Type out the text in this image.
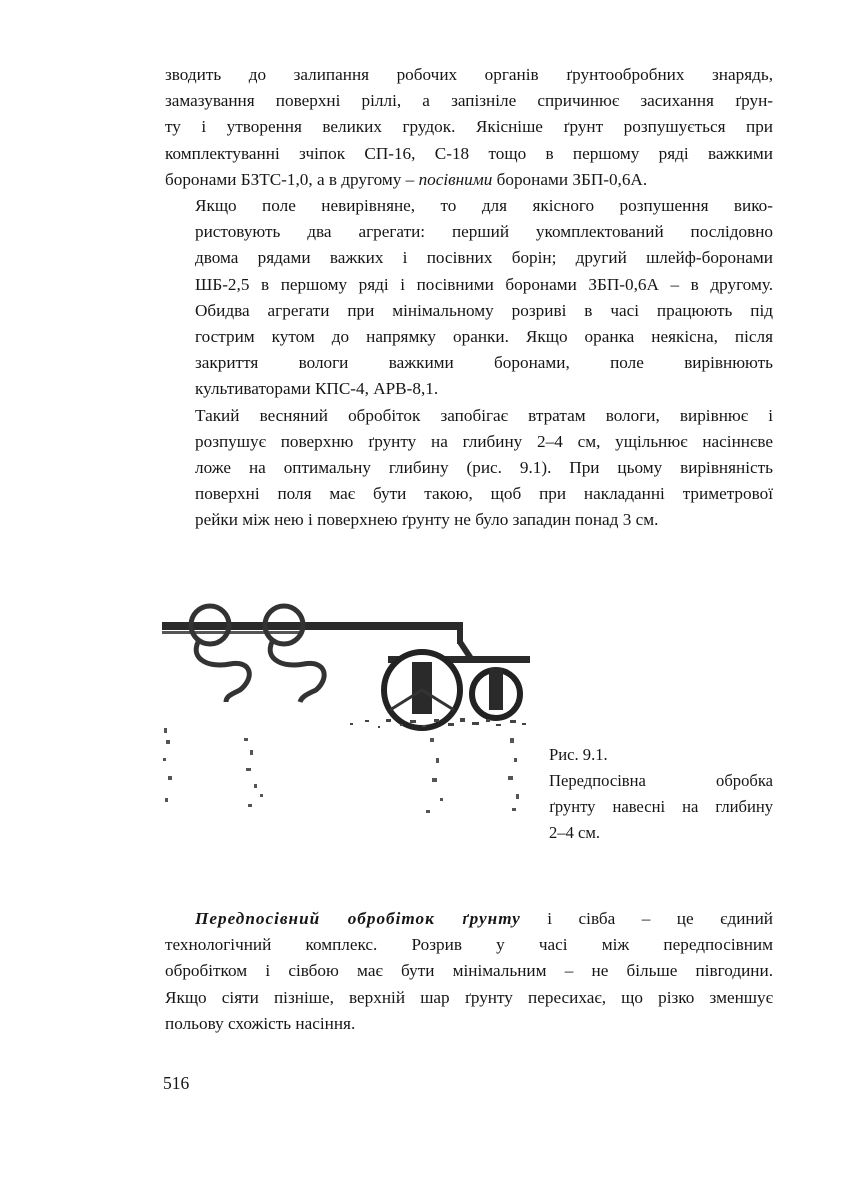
зводить до залипання робочих органів ґрунтообробних знарядь,
замазування поверхні ріллі, а запізніле спричинює засихання ґрун-
ту і утворення великих грудок. Якісніше ґрунт розпушується при
комплектуванні зчіпок СП-16, С-18 тощо в першому ряді важкими
боронами БЗТС-1,0, а в другому – посівними боронами ЗБП-0,6А.

Якщо поле невирівняне, то для якісного розпушення вико-
ристовують два агрегати: перший укомплектований послідовно
двома рядами важких і посівних борін; другий шлейф-боронами
ШБ-2,5 в першому ряді і посівними боронами ЗБП-0,6А – в другому.
Обидва агрегати при мінімальному розриві в часі працюють під
гострим кутом до напрямку оранки. Якщо оранка неякісна, після
закриття вологи важкими боронами, поле вирівнюють
культиваторами КПС-4, АРВ-8,1.

Такий весняний обробіток запобігає втратам вологи, вирівнює і
розпушує поверхню ґрунту на глибину 2–4 см, ущільнює насіннєве
ложе на оптимальну глибину (рис. 9.1). При цьому вирівняність
поверхні поля має бути такою, щоб при накладанні триметрової
рейки між нею і поверхнею ґрунту не було западин понад 3 см.

Рис. 9.1.
Передпосівна обробка
ґрунту навесні на глибину
2–4 см.

Передпосівний обробіток ґрунту і сівба – це єдиний
технологічний комплекс. Розрив у часі між передпосівним
обробітком і сівбою має бути мінімальним – не більше півгодини.
Якщо сіяти пізніше, верхній шар ґрунту пересихає, що різко зменшує
польову схожість насіння.

516
